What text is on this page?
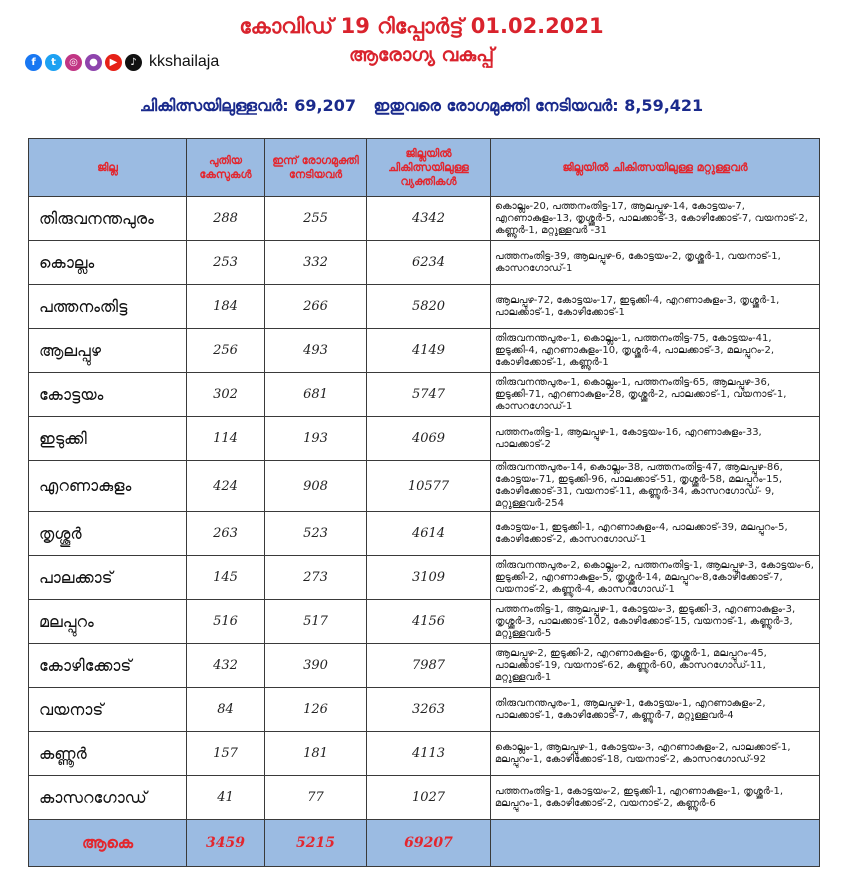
കോവിഡ് 19 റിപ്പോർട്ട് 01.02.2021
ആരോഗ്യ വകുപ്പ്
f	t	◎	●	▶	♪ kkshailaja
ചികിത്സയിലുള്ളവർ: 69,207 ഇതുവരെ രോഗമുക്തി നേടിയവർ: 8,59,421
ജില്ല	പുതിയ കേസുകൾ	ഇന്ന് രോഗമുക്തി നേടിയവർ	ജില്ലയിൽ ചികിത്സയിലുള്ള വ്യക്തികൾ	ജില്ലയിൽ ചികിത്സയിലുള്ള മറ്റുള്ളവർ
തിരുവനന്തപുരം	288	255	4342	കൊല്ലം-20, പത്തനംതിട്ട-17, ആലപ്പുഴ-14, കോട്ടയം-7, എറണാകുളം-13, തൃശ്ശൂർ-5, പാലക്കാട്-3, കോഴിക്കോട്-7, വയനാട്-2, കണ്ണൂർ-1, മറ്റുള്ളവർ -31
കൊല്ലം	253	332	6234	പത്തനംതിട്ട-39, ആലപ്പുഴ-6, കോട്ടയം-2, തൃശ്ശൂർ-1, വയനാട്-1, കാസറഗോഡ്-1
പത്തനംതിട്ട	184	266	5820	ആലപ്പുഴ-72, കോട്ടയം-17, ഇടുക്കി-4, എറണാകുളം-3, തൃശ്ശൂർ-1, പാലക്കാട്-1, കോഴിക്കോട്-1
ആലപ്പുഴ	256	493	4149	തിരുവനന്തപുരം-1, കൊല്ലം-1, പത്തനംതിട്ട-75, കോട്ടയം-41, ഇടുക്കി-4, എറണാകുളം-10, തൃശ്ശൂർ-4, പാലക്കാട്-3, മലപ്പുറം-2, കോഴിക്കോട്-1, കണ്ണൂർ-1
കോട്ടയം	302	681	5747	തിരുവനന്തപുരം-1, കൊല്ലം-1, പത്തനംതിട്ട-65, ആലപ്പുഴ-36, ഇടുക്കി-71, എറണാകുളം-28, തൃശ്ശൂർ-2, പാലക്കാട്-1, വയനാട്-1, കാസറഗോഡ്-1
ഇടുക്കി	114	193	4069	പത്തനംതിട്ട-1, ആലപ്പുഴ-1, കോട്ടയം-16, എറണാകുളം-33, പാലക്കാട്-2
എറണാകുളം	424	908	10577	തിരുവനന്തപുരം-14, കൊല്ലം-38, പത്തനംതിട്ട-47, ആലപ്പുഴ-86, കോട്ടയം-71, ഇടുക്കി-96, പാലക്കാട്-51, തൃശ്ശൂർ-58, മലപ്പുറം-15, കോഴിക്കോട്-31, വയനാട്-11, കണ്ണൂർ-34, കാസറഗോഡ്- 9, മറ്റുള്ളവർ-254
തൃശ്ശൂർ	263	523	4614	കോട്ടയം-1, ഇടുക്കി-1, എറണാകുളം-4, പാലക്കാട്-39, മലപ്പുറം-5, കോഴിക്കോട്-2, കാസറഗോഡ്-1
പാലക്കാട്	145	273	3109	തിരുവനന്തപുരം-2, കൊല്ലം-2, പത്തനംതിട്ട-1, ആലപ്പുഴ-3, കോട്ടയം-6, ഇടുക്കി-2, എറണാകുളം-5, തൃശ്ശൂർ-14, മലപ്പുറം-8,കോഴിക്കോട്-7, വയനാട്-2, കണ്ണൂർ-4, കാസറഗോഡ്-1
മലപ്പുറം	516	517	4156	പത്തനംതിട്ട-1, ആലപ്പുഴ-1, കോട്ടയം-3, ഇടുക്കി-3, എറണാകുളം-3, തൃശ്ശൂർ-3, പാലക്കാട്-102, കോഴിക്കോട്-15, വയനാട്-1, കണ്ണൂർ-3, മറ്റുള്ളവർ-5
കോഴിക്കോട്	432	390	7987	ആലപ്പുഴ-2, ഇടുക്കി-2, എറണാകുളം-6, തൃശ്ശൂർ-1, മലപ്പുറം-45, പാലക്കാട്-19, വയനാട്-62, കണ്ണൂർ-60, കാസറഗോഡ്-11, മറ്റുള്ളവർ-1
വയനാട്	84	126	3263	തിരുവനന്തപുരം-1, ആലപ്പുഴ-1, കോട്ടയം-1, എറണാകുളം-2, പാലക്കാട്-1, കോഴിക്കോട്-7, കണ്ണൂർ-7, മറ്റുള്ളവർ-4
കണ്ണൂർ	157	181	4113	കൊല്ലം-1, ആലപ്പുഴ-1, കോട്ടയം-3, എറണാകുളം-2, പാലക്കാട്-1, മലപ്പുറം-1, കോഴിക്കോട്-18, വയനാട്-2, കാസറഗോഡ്-92
കാസറഗോഡ്	41	77	1027	പത്തനംതിട്ട-1, കോട്ടയം-2, ഇടുക്കി-1, എറണാകുളം-1, തൃശ്ശൂർ-1, മലപ്പുറം-1, കോഴിക്കോട്-2, വയനാട്-2, കണ്ണൂർ-6
ആകെ	3459	5215	69207	
